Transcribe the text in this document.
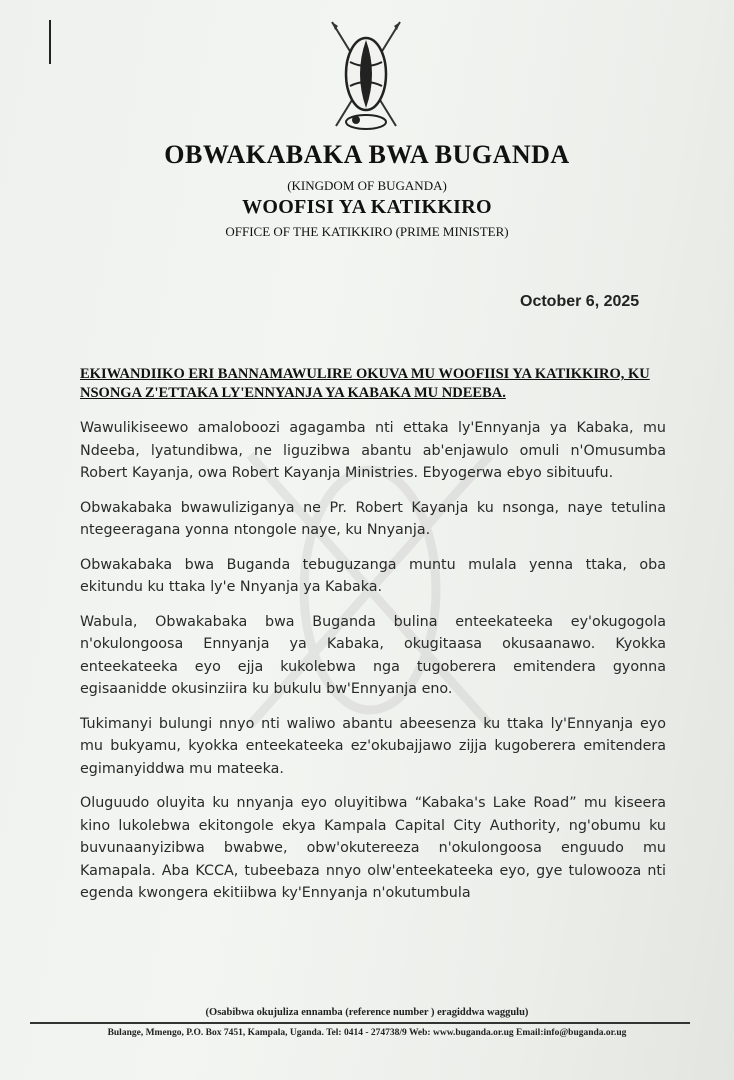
OBWAKABAKA BWA BUGANDA
(KINGDOM OF BUGANDA)
WOOFISI YA KATIKKIRO
OFFICE OF THE KATIKKIRO (PRIME MINISTER)
October 6, 2025
EKIWANDIIKO ERI BANNAMAWULIRE OKUVA MU WOOFIISI YA KATIKKIRO, KU NSONGA Z'ETTAKA LY'ENNYANJA YA KABAKA MU NDEEBA.

Wawulikiseewo amaloboozi agagamba nti ettaka ly'Ennyanja ya Kabaka, mu Ndeeba, lyatundibwa, ne liguzibwa abantu ab'enjawulo omuli n'Omusumba Robert Kayanja, owa Robert Kayanja Ministries. Ebyogerwa ebyo sibituufu.

Obwakabaka bwawuliziganya ne Pr. Robert Kayanja ku nsonga, naye tetulina ntegeeragana yonna ntongole naye, ku Nnyanja.

Obwakabaka bwa Buganda tebuguzanga muntu mulala yenna ttaka, oba ekitundu ku ttaka ly'e Nnyanja ya Kabaka.

Wabula, Obwakabaka bwa Buganda bulina enteekateeka ey'okugogola n'okulongoosa Ennyanja ya Kabaka, okugitaasa okusaanawo. Kyokka enteekateeka eyo ejja kukolebwa nga tugoberera emitendera gyonna egisaanidde okusinziira ku bukulu bw'Ennyanja eno.

Tukimanyi bulungi nnyo nti waliwo abantu abeesenza ku ttaka ly'Ennyanja eyo mu bukyamu, kyokka enteekateeka ez'okubajjawo zijja kugoberera emitendera egimanyiddwa mu mateeka.

Oluguudo oluyita ku nnyanja eyo oluyitibwa “Kabaka's Lake Road” mu kiseera kino lukolebwa ekitongole ekya Kampala Capital City Authority, ng'obumu ku buvunaanyizibwa bwabwe, obw'okutereeza n'okulongoosa enguudo mu Kamapala. Aba KCCA, tubeebaza nnyo olw'enteekateeka eyo, gye tulowooza nti egenda kwongera ekitiibwa ky'Ennyanja n'okutumbula

(Osabibwa okujuliza ennamba (reference number ) eragiddwa waggulu)
Bulange, Mmengo, P.O. Box 7451, Kampala, Uganda. Tel: 0414 - 274738/9 Web: www.buganda.or.ug Email:info@buganda.or.ug
